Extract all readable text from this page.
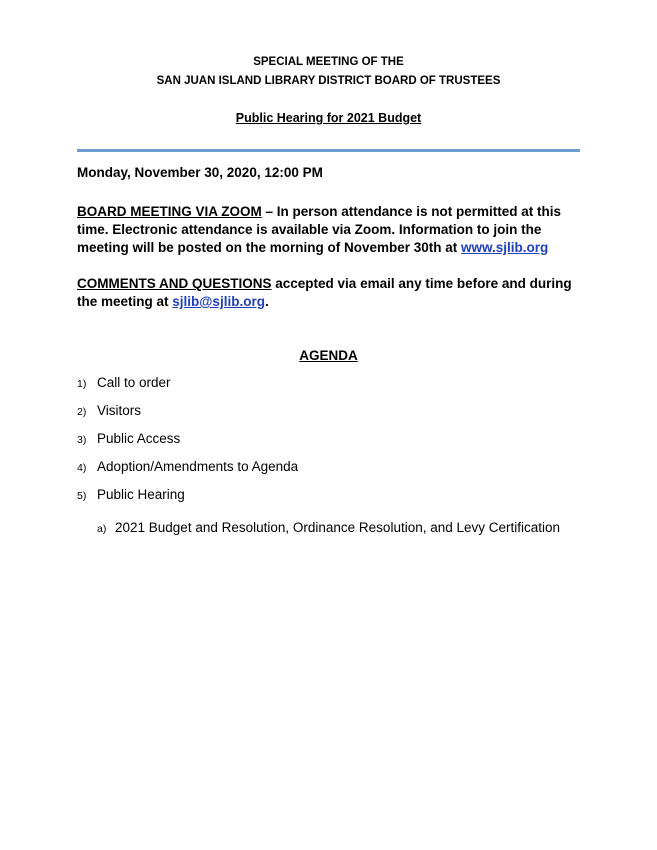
SPECIAL MEETING OF THE
SAN JUAN ISLAND LIBRARY DISTRICT BOARD OF TRUSTEES
Public Hearing for 2021 Budget
Monday, November 30, 2020, 12:00 PM
BOARD MEETING VIA ZOOM – In person attendance is not permitted at this time. Electronic attendance is available via Zoom. Information to join the meeting will be posted on the morning of November 30th at www.sjlib.org
COMMENTS AND QUESTIONS accepted via email any time before and during the meeting at sjlib@sjlib.org.
AGENDA
1) Call to order
2) Visitors
3) Public Access
4) Adoption/Amendments to Agenda
5) Public Hearing
a) 2021 Budget and Resolution, Ordinance Resolution, and Levy Certification
